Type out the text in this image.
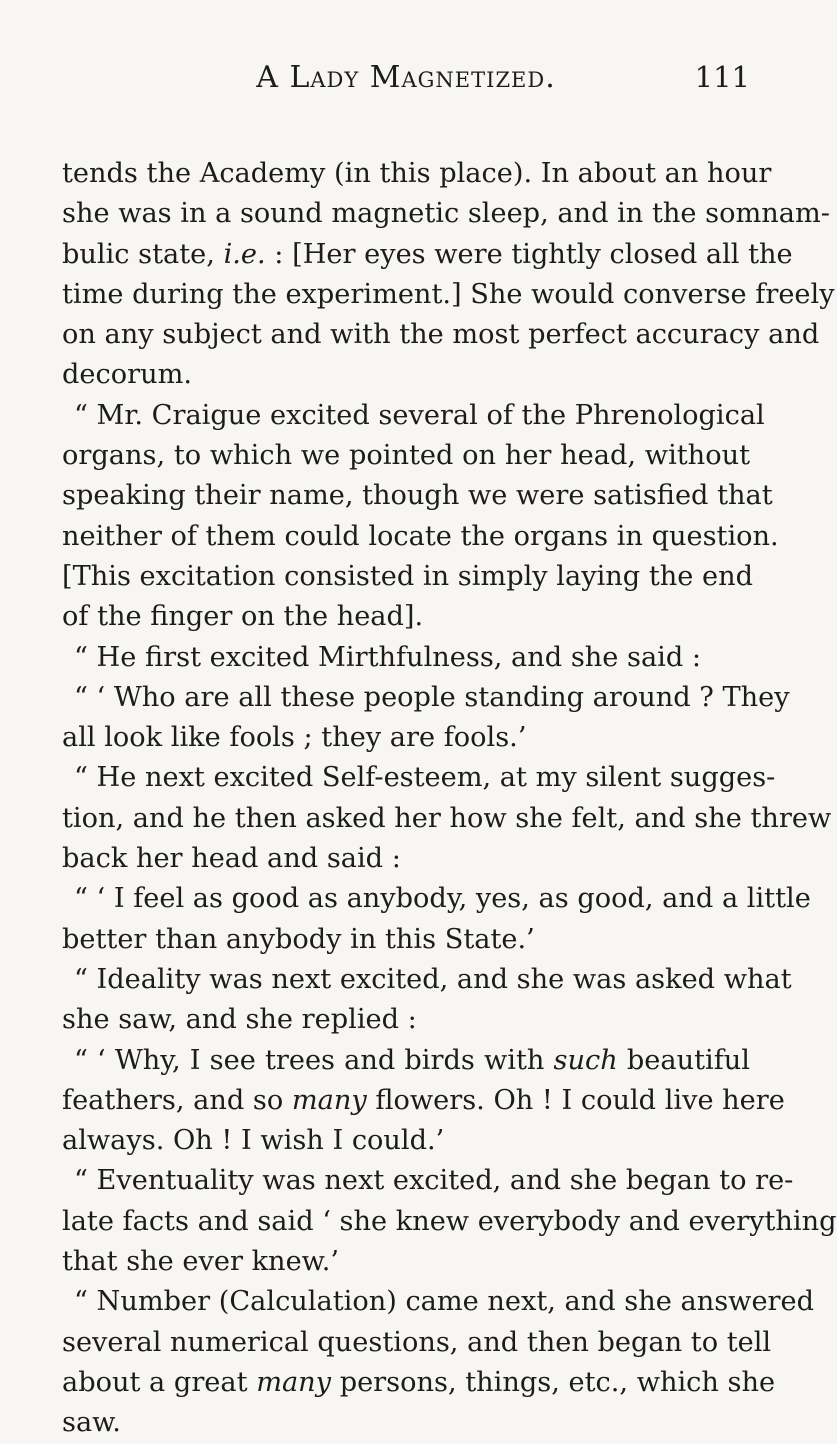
A Lady Magnetized.	111
tends the Academy (in this place). In about an hour
she was in a sound magnetic sleep, and in the somnam-
bulic state, i.e. : [Her eyes were tightly closed all the
time during the experiment.] She would converse freely
on any subject and with the most perfect accuracy and
decorum.
“ Mr. Craigue excited several of the Phrenological
organs, to which we pointed on her head, without
speaking their name, though we were satisfied that
neither of them could locate the organs in question.
[This excitation consisted in simply laying the end
of the finger on the head].
“ He first excited Mirthfulness, and she said :
“ ‘ Who are all these people standing around ? They
all look like fools ; they are fools.’
“ He next excited Self-esteem, at my silent sugges-
tion, and he then asked her how she felt, and she threw
back her head and said :
“ ‘ I feel as good as anybody, yes, as good, and a little
better than anybody in this State.’
“ Ideality was next excited, and she was asked what
she saw, and she replied :
“ ‘ Why, I see trees and birds with such beautiful
feathers, and so many flowers. Oh ! I could live here
always. Oh ! I wish I could.’
“ Eventuality was next excited, and she began to re-
late facts and said ‘ she knew everybody and everything
that she ever knew.’
“ Number (Calculation) came next, and she answered
several numerical questions, and then began to tell
about a great many persons, things, etc., which she
saw.
